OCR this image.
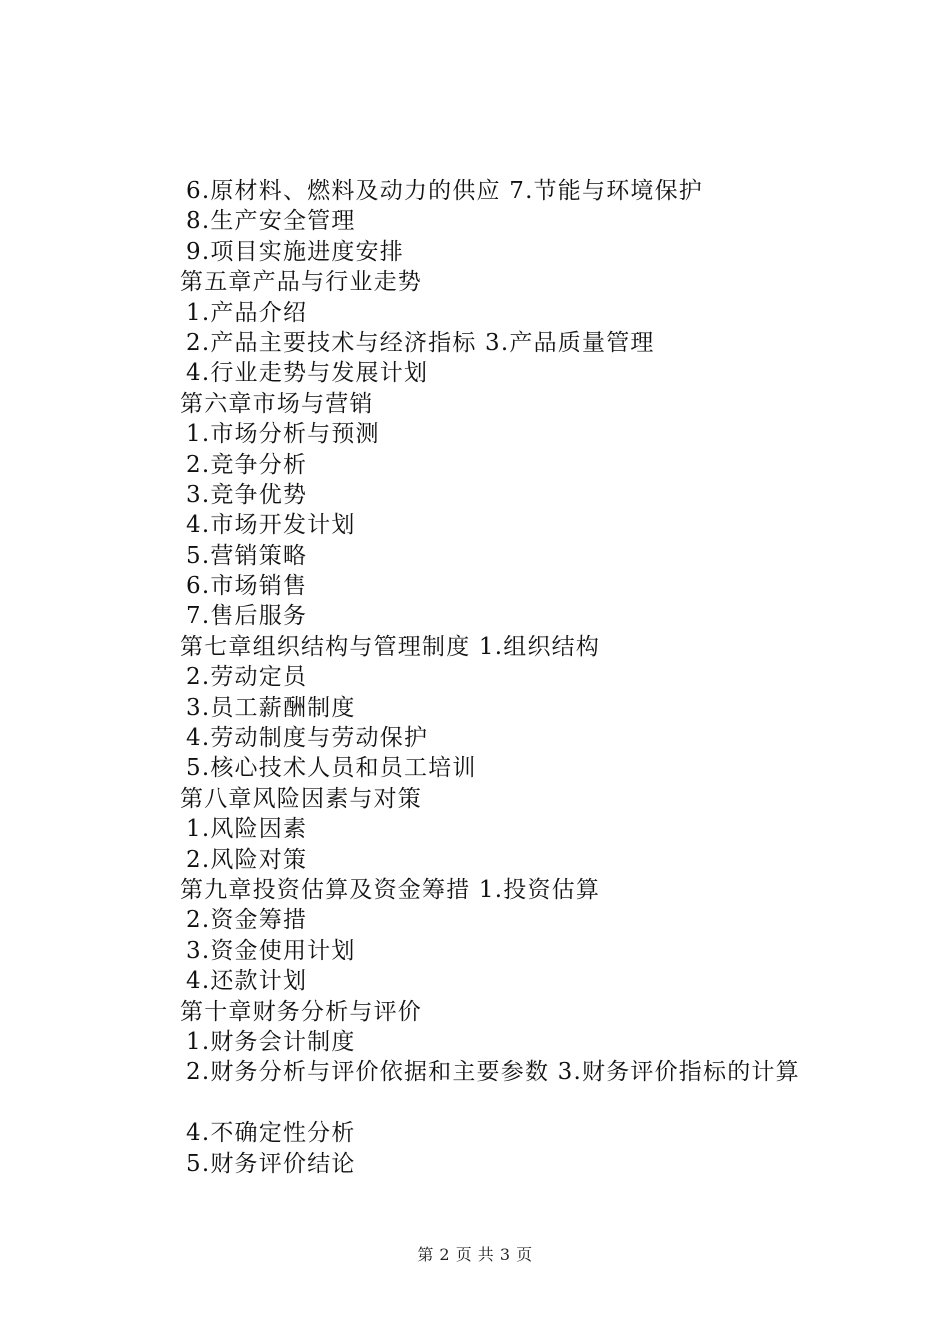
6.原材料、燃料及动力的供应 7.节能与环境保护
8.生产安全管理
9.项目实施进度安排
第五章产品与行业走势
1.产品介绍
2.产品主要技术与经济指标 3.产品质量管理
4.行业走势与发展计划
第六章市场与营销
1.市场分析与预测
2.竞争分析
3.竞争优势
4.市场开发计划
5.营销策略
6.市场销售
7.售后服务
第七章组织结构与管理制度 1.组织结构
2.劳动定员
3.员工薪酬制度
4.劳动制度与劳动保护
5.核心技术人员和员工培训
第八章风险因素与对策
1.风险因素
2.风险对策
第九章投资估算及资金筹措 1.投资估算
2.资金筹措
3.资金使用计划
4.还款计划
第十章财务分析与评价
1.财务会计制度
2.财务分析与评价依据和主要参数 3.财务评价指标的计算
4.不确定性分析
5.财务评价结论
第 2 页 共 3 页
